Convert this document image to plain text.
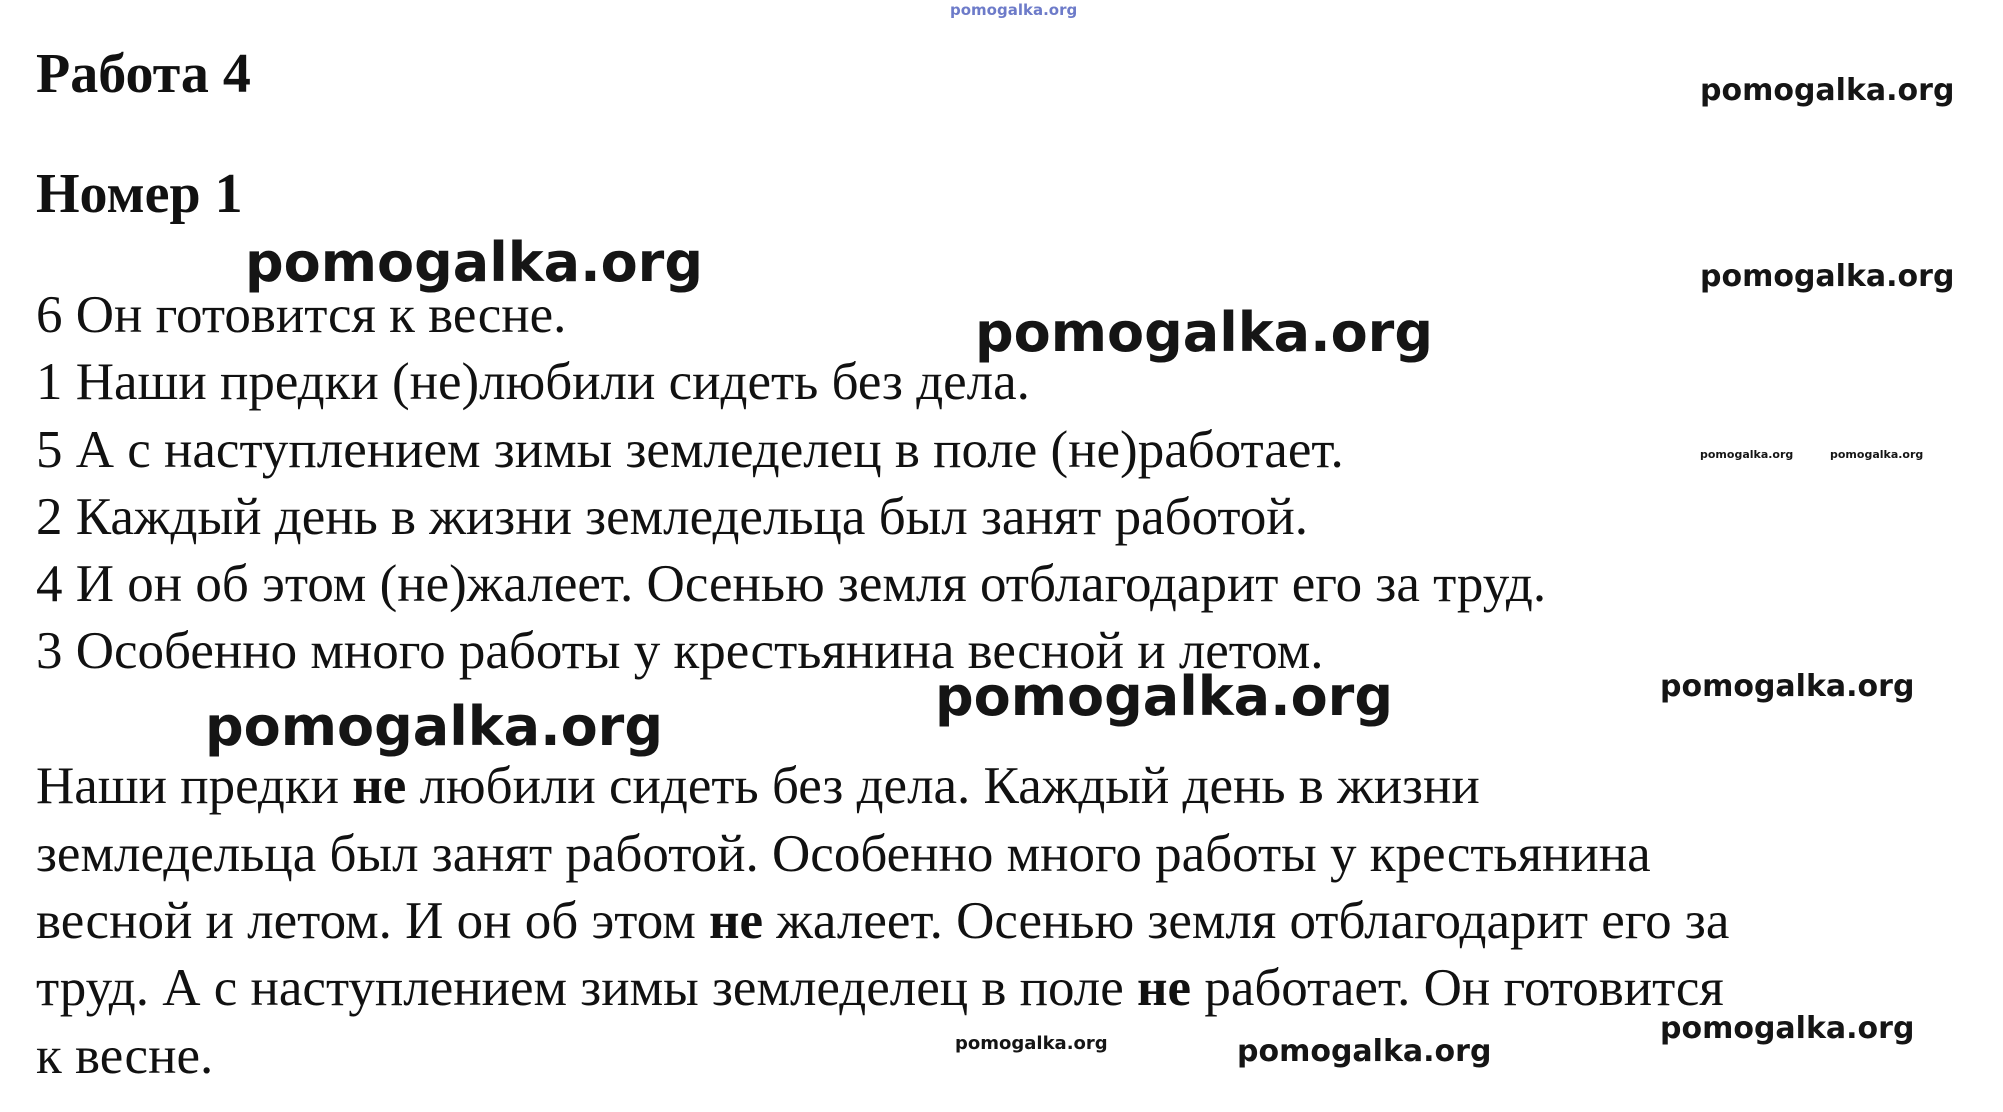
pomogalka.org
Работа 4
Номер 1

6 Он готовится к весне.

1 Наши предки (не)любили сидеть без дела.

5 А с наступлением зимы земледелец в поле (не)работает.

2 Каждый день в жизни земледельца был занят работой.

4 И он об этом (не)жалеет. Осенью земля отблагодарит его за труд.

3 Особенно много работы у крестьянина весной и летом.

Наши предки не любили сидеть без дела. Каждый день в жизни
земледельца был занят работой. Особенно много работы у крестьянина
весной и летом. И он об этом не жалеет. Осенью земля отблагодарит его за
труд. А с наступлением зимы земледелец в поле не работает. Он готовится
к весне.
pomogalka.org
pomogalka.org
pomogalka.org
pomogalka.org
pomogalka.org	pomogalka.org
pomogalka.org	pomogalka.org
pomogalka.org
pomogalka.org
pomogalka.org	pomogalka.org
